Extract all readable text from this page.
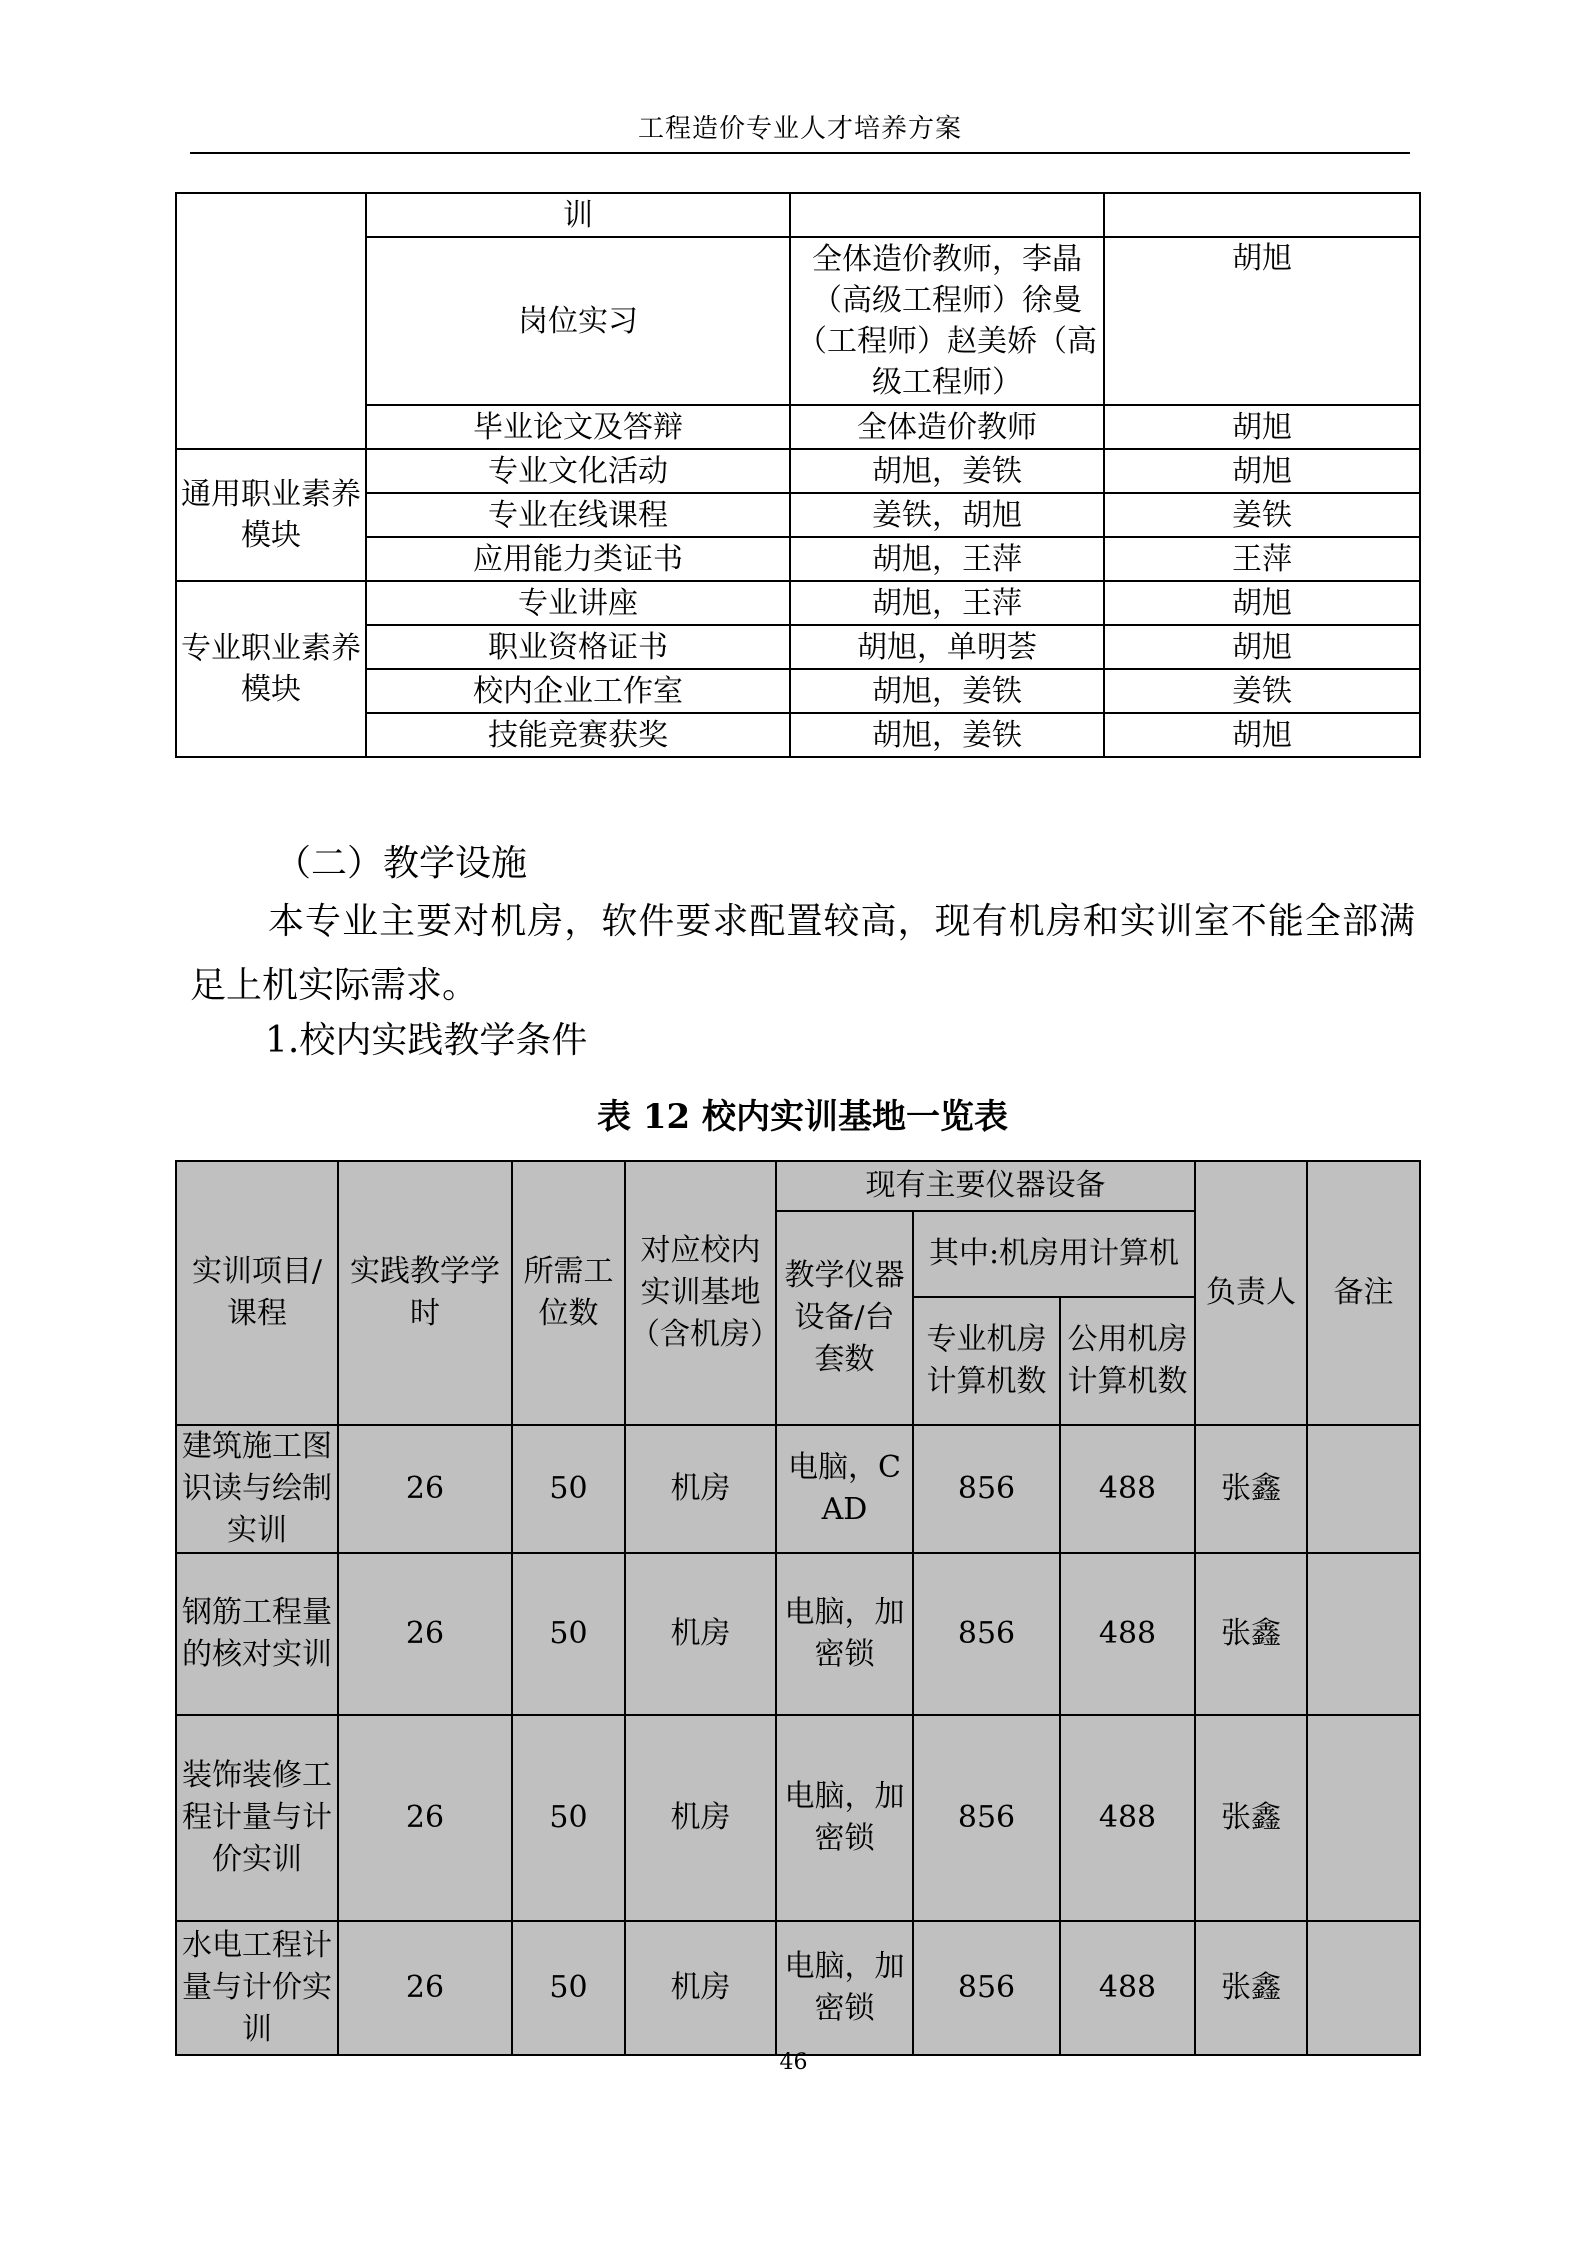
工程造价专业人才培养方案
	训		
	岗位实习	全体造价教师，李晶（高级工程师）徐曼（工程师）赵美娇（高级工程师）	胡旭
	毕业论文及答辩	全体造价教师	胡旭
通用职业素养模块	专业文化活动	胡旭，姜铁	胡旭
	专业在线课程	姜铁，胡旭	姜铁
	应用能力类证书	胡旭，王萍	王萍
专业职业素养模块	专业讲座	胡旭，王萍	胡旭
	职业资格证书	胡旭，单明荟	胡旭
	校内企业工作室	胡旭，姜铁	姜铁
	技能竞赛获奖	胡旭，姜铁	胡旭
（二）教学设施
本专业主要对机房，软件要求配置较高，现有机房和实训室不能全部满足上机实际需求。
1.校内实践教学条件
表 12 校内实训基地一览表
实训项目/课程	实践教学学时	所需工位数	对应校内实训基地（含机房）	现有主要仪器设备			负责人	备注
				教学仪器设备/台套数	其中:机房用计算机			
					专业机房计算机数	公用机房计算机数		
建筑施工图识读与绘制实训	26	50	机房	电脑，CAD	856	488	张鑫	
钢筋工程量的核对实训	26	50	机房	电脑，加密锁	856	488	张鑫	
装饰装修工程计量与计价实训	26	50	机房	电脑，加密锁	856	488	张鑫	
水电工程计量与计价实训	26	50	机房	电脑，加密锁	856	488	张鑫	
46
